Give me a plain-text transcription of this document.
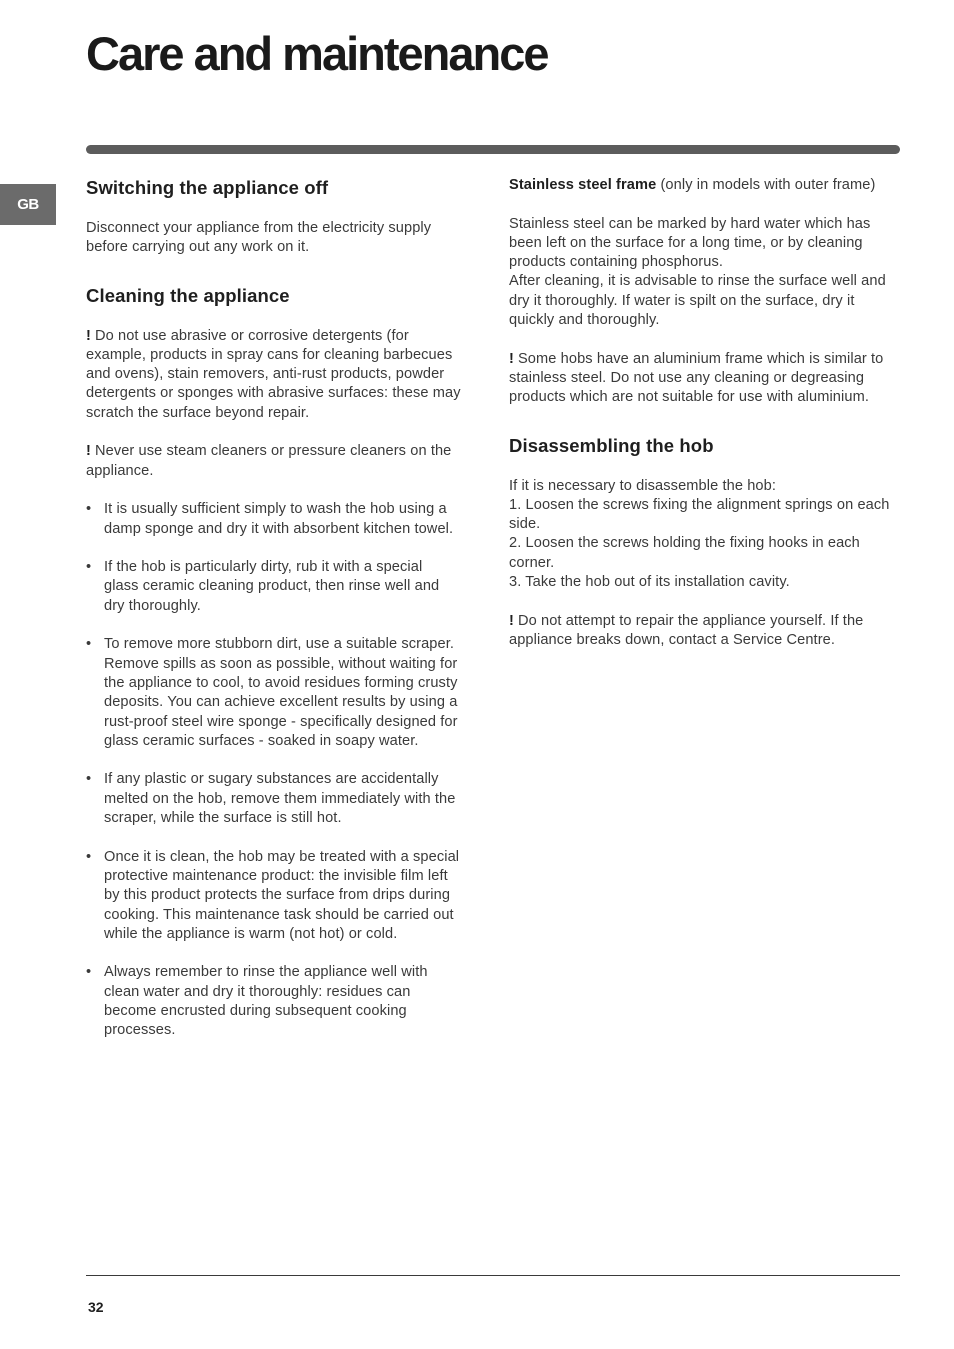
Care and maintenance
GB
Switching the appliance off

Disconnect your appliance from the electricity supply before carrying out any work on it.

Cleaning the appliance

! Do not use abrasive or corrosive detergents (for example, products in spray cans for cleaning barbecues and ovens), stain removers, anti-rust products, powder detergents or sponges with abrasive surfaces: these may scratch the surface beyond repair.

! Never use steam cleaners or pressure cleaners on the appliance.

• It is usually sufficient simply to wash the hob using a damp sponge and dry it with absorbent kitchen towel.
• If the hob is particularly dirty, rub it with a special glass ceramic cleaning product, then rinse well and dry thoroughly.
• To remove more stubborn dirt, use a suitable scraper. Remove spills as soon as possible, without waiting for the appliance to cool, to avoid residues forming crusty deposits. You can achieve excellent results by using a rust-proof steel wire sponge - specifically designed for glass ceramic surfaces - soaked in soapy water.
• If any plastic or sugary substances are accidentally melted on the hob, remove them immediately with the scraper, while the surface is still hot.
• Once it is clean, the hob may be treated with a special protective maintenance product: the invisible film left by this product protects the surface from drips during cooking. This maintenance task should be carried out while the appliance is warm (not hot) or cold.
• Always remember to rinse the appliance well with clean water and dry it thoroughly: residues can become encrusted during subsequent cooking processes.

Stainless steel frame (only in models with outer frame)

Stainless steel can be marked by hard water which has been left on the surface for a long time, or by cleaning products containing phosphorus.

After cleaning, it is advisable to rinse the surface well and dry it thoroughly. If water is spilt on the surface, dry it quickly and thoroughly.

! Some hobs have an aluminium frame which is similar to stainless steel. Do not use any cleaning or degreasing products which are not suitable for use with aluminium.

Disassembling the hob
If it is necessary to disassemble the hob:
1. Loosen the screws fixing the alignment springs on each side.
2. Loosen the screws holding the fixing hooks in each corner.

3. Take the hob out of its installation cavity.

! Do not attempt to repair the appliance yourself. If the appliance breaks down, contact a Service Centre.

32
